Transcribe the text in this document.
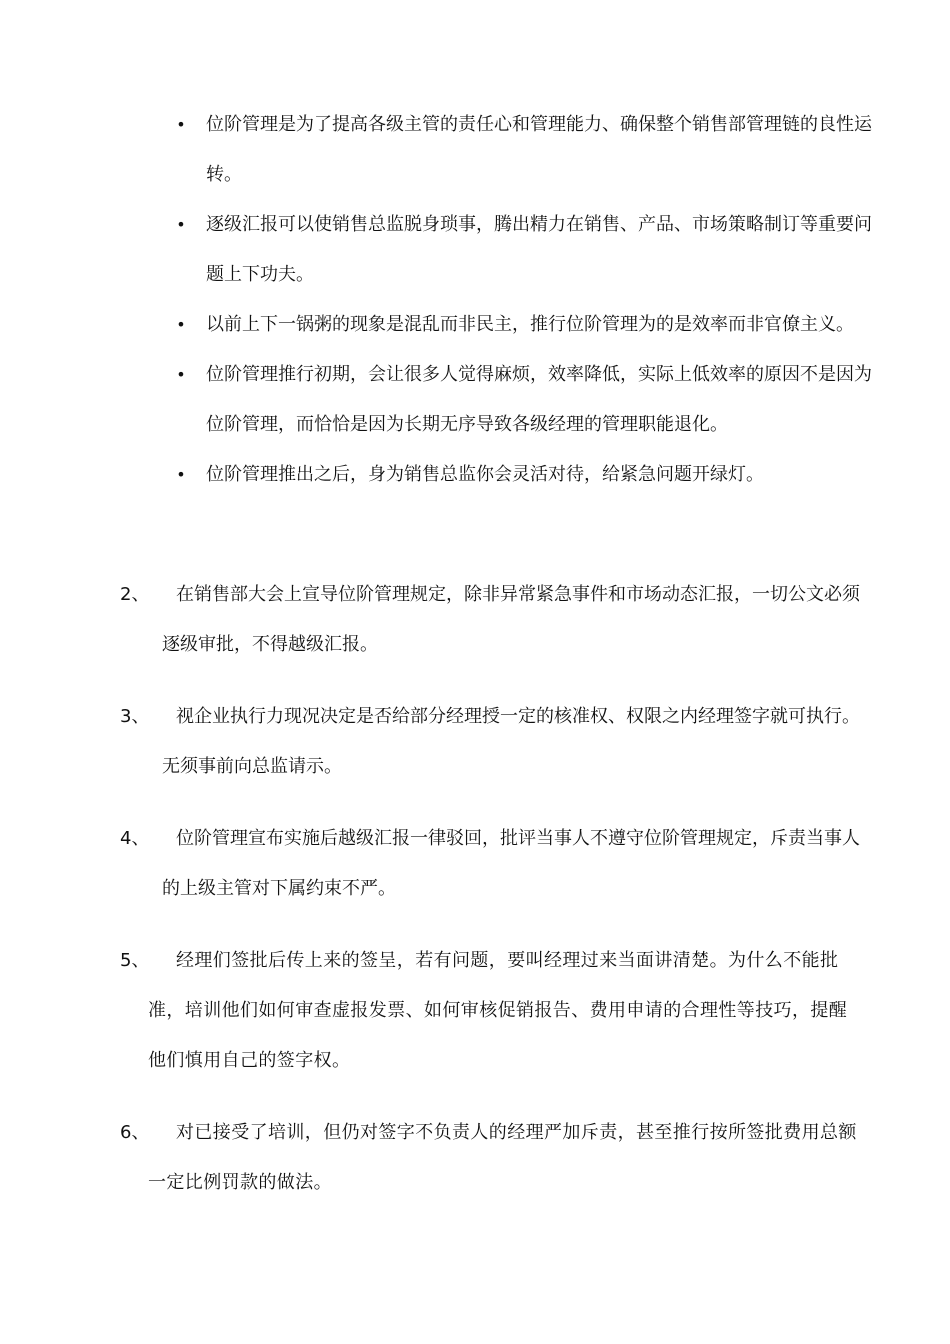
• 位阶管理是为了提高各级主管的责任心和管理能力、确保整个销售部管理链的良性运转。
• 逐级汇报可以使销售总监脱身琐事，腾出精力在销售、产品、市场策略制订等重要问题上下功夫。
• 以前上下一锅粥的现象是混乱而非民主，推行位阶管理为的是效率而非官僚主义。
• 位阶管理推行初期，会让很多人觉得麻烦，效率降低，实际上低效率的原因不是因为位阶管理，而恰恰是因为长期无序导致各级经理的管理职能退化。
• 位阶管理推出之后，身为销售总监你会灵活对待，给紧急问题开绿灯。
2、	在销售部大会上宣导位阶管理规定，除非异常紧急事件和市场动态汇报，一切公文必须逐级审批，不得越级汇报。
3、	视企业执行力现况决定是否给部分经理授一定的核准权、权限之内经理签字就可执行。无须事前向总监请示。
4、	位阶管理宣布实施后越级汇报一律驳回，批评当事人不遵守位阶管理规定，斥责当事人的上级主管对下属约束不严。
5、	经理们签批后传上来的签呈，若有问题，要叫经理过来当面讲清楚。为什么不能批准，培训他们如何审查虚报发票、如何审核促销报告、费用申请的合理性等技巧，提醒他们慎用自己的签字权。
6、	对已接受了培训，但仍对签字不负责人的经理严加斥责，甚至推行按所签批费用总额一定比例罚款的做法。
